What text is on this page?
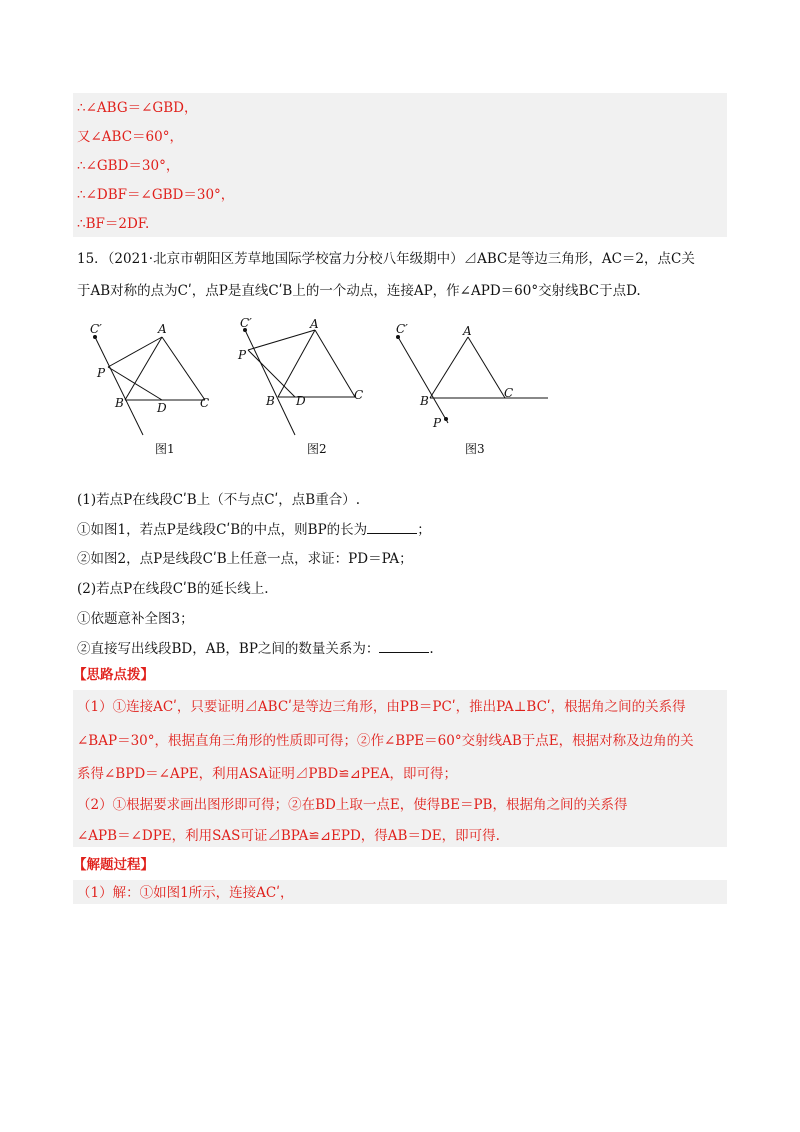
∴∠ABG＝∠GBD，
又∠ABC＝60°，
∴∠GBD＝30°，
∴∠DBF＝∠GBD＝30°，
∴BF＝2DF.
15．（2021·北京市朝阳区芳草地国际学校富力分校八年级期中）⊿ABC是等边三角形，AC＝2，点C关
于AB对称的点为Cʹ，点P是直线CʹB上的一个动点，连接AP，作∠APD＝60°交射线BC于点D.
C′	A
P
B	D	C
C′	A
P
B D	C
C′	A
B
C
P
图1	图2	图3
(1)若点P在线段CʹB上（不与点Cʹ，点B重合）.
①如图1，若点P是线段CʹB的中点，则BP的长为	；
②如图2，点P是线段CʹB上任意一点，求证：PD＝PA；
(2)若点P在线段CʹB的延长线上.
①依题意补全图3；
②直接写出线段BD，AB，BP之间的数量关系为：	.
【思路点拨】
（1）①连接ACʹ，只要证明⊿ABCʹ是等边三角形，由PB＝PCʹ，推出PA⊥BCʹ，根据角之间的关系得
∠BAP＝30°，根据直角三角形的性质即可得；②作∠BPE＝60°交射线AB于点E，根据对称及边角的关
系得∠BPD＝∠APE，利用ASA证明⊿PBD≌⊿PEA，即可得；
（2）①根据要求画出图形即可得；②在BD上取一点E，使得BE＝PB，根据角之间的关系得
∠APB＝∠DPE，利用SAS可证⊿BPA≌⊿EPD，得AB＝DE，即可得.
【解题过程】
（1）解：①如图1所示，连接ACʹ，
